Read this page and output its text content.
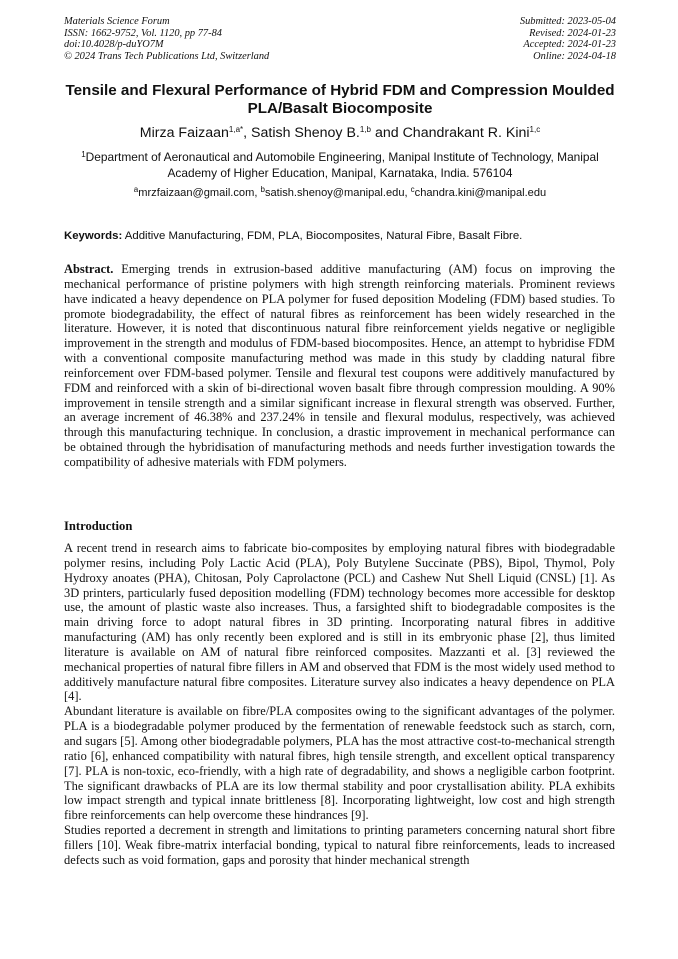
Materials Science Forum
ISSN: 1662-9752, Vol. 1120, pp 77-84
doi:10.4028/p-duYO7M
© 2024 Trans Tech Publications Ltd, Switzerland
Submitted: 2023-05-04
Revised: 2024-01-23
Accepted: 2024-01-23
Online: 2024-04-18
Tensile and Flexural Performance of Hybrid FDM and Compression Moulded PLA/Basalt Biocomposite
Mirza Faizaan$^{1,a*}$, Satish Shenoy B.$^{1,b}$ and Chandrakant R. Kini$^{1,c}$
$^1$Department of Aeronautical and Automobile Engineering, Manipal Institute of Technology, Manipal Academy of Higher Education, Manipal, Karnataka, India. 576104
$^a$mrzfaizaan@gmail.com, $^b$satish.shenoy@manipal.edu, $^c$chandra.kini@manipal.edu
Keywords: Additive Manufacturing, FDM, PLA, Biocomposites, Natural Fibre, Basalt Fibre.
Abstract. Emerging trends in extrusion-based additive manufacturing (AM) focus on improving the mechanical performance of pristine polymers with high strength reinforcing materials. Prominent reviews have indicated a heavy dependence on PLA polymer for fused deposition Modeling (FDM) based studies. To promote biodegradability, the effect of natural fibres as reinforcement has been widely researched in the literature. However, it is noted that discontinuous natural fibre reinforcement yields negative or negligible improvement in the strength and modulus of FDM-based biocomposites. Hence, an attempt to hybridise FDM with a conventional composite manufacturing method was made in this study by cladding natural fibre reinforcement over FDM-based polymer. Tensile and flexural test coupons were additively manufactured by FDM and reinforced with a skin of bi-directional woven basalt fibre through compression moulding. A 90% improvement in tensile strength and a similar significant increase in flexural strength was observed. Further, an average increment of 46.38% and 237.24% in tensile and flexural modulus, respectively, was achieved through this manufacturing technique. In conclusion, a drastic improvement in mechanical performance can be obtained through the hybridisation of manufacturing methods and needs further investigation towards the compatibility of adhesive materials with FDM polymers.
Introduction

A recent trend in research aims to fabricate bio-composites by employing natural fibres with biodegradable polymer resins, including Poly Lactic Acid (PLA), Poly Butylene Succinate (PBS), Bipol, Thymol, Poly Hydroxy anoates (PHA), Chitosan, Poly Caprolactone (PCL) and Cashew Nut Shell Liquid (CNSL) [1]. As 3D printers, particularly fused deposition modelling (FDM) technology becomes more accessible for desktop use, the amount of plastic waste also increases. Thus, a farsighted shift to biodegradable composites is the main driving force to adopt natural fibres in 3D printing. Incorporating natural fibres in additive manufacturing (AM) has only recently been explored and is still in its embryonic phase [2], thus limited literature is available on AM of natural fibre reinforced composites. Mazzanti et al. [3] reviewed the mechanical properties of natural fibre fillers in AM and observed that FDM is the most widely used method to additively manufacture natural fibre composites. Literature survey also indicates a heavy dependence on PLA [4].

Abundant literature is available on fibre/PLA composites owing to the significant advantages of the polymer. PLA is a biodegradable polymer produced by the fermentation of renewable feedstock such as starch, corn, and sugars [5]. Among other biodegradable polymers, PLA has the most attractive cost-to-mechanical strength ratio [6], enhanced compatibility with natural fibres, high tensile strength, and excellent optical transparency [7]. PLA is non-toxic, eco-friendly, with a high rate of degradability, and shows a negligible carbon footprint. The significant drawbacks of PLA are its low thermal stability and poor crystallisation ability. PLA exhibits low impact strength and typical innate brittleness [8]. Incorporating lightweight, low cost and high strength fibre reinforcements can help overcome these hindrances [9].

Studies reported a decrement in strength and limitations to printing parameters concerning natural short fibre fillers [10]. Weak fibre-matrix interfacial bonding, typical to natural fibre reinforcements, leads to increased defects such as void formation, gaps and porosity that hinder mechanical strength
